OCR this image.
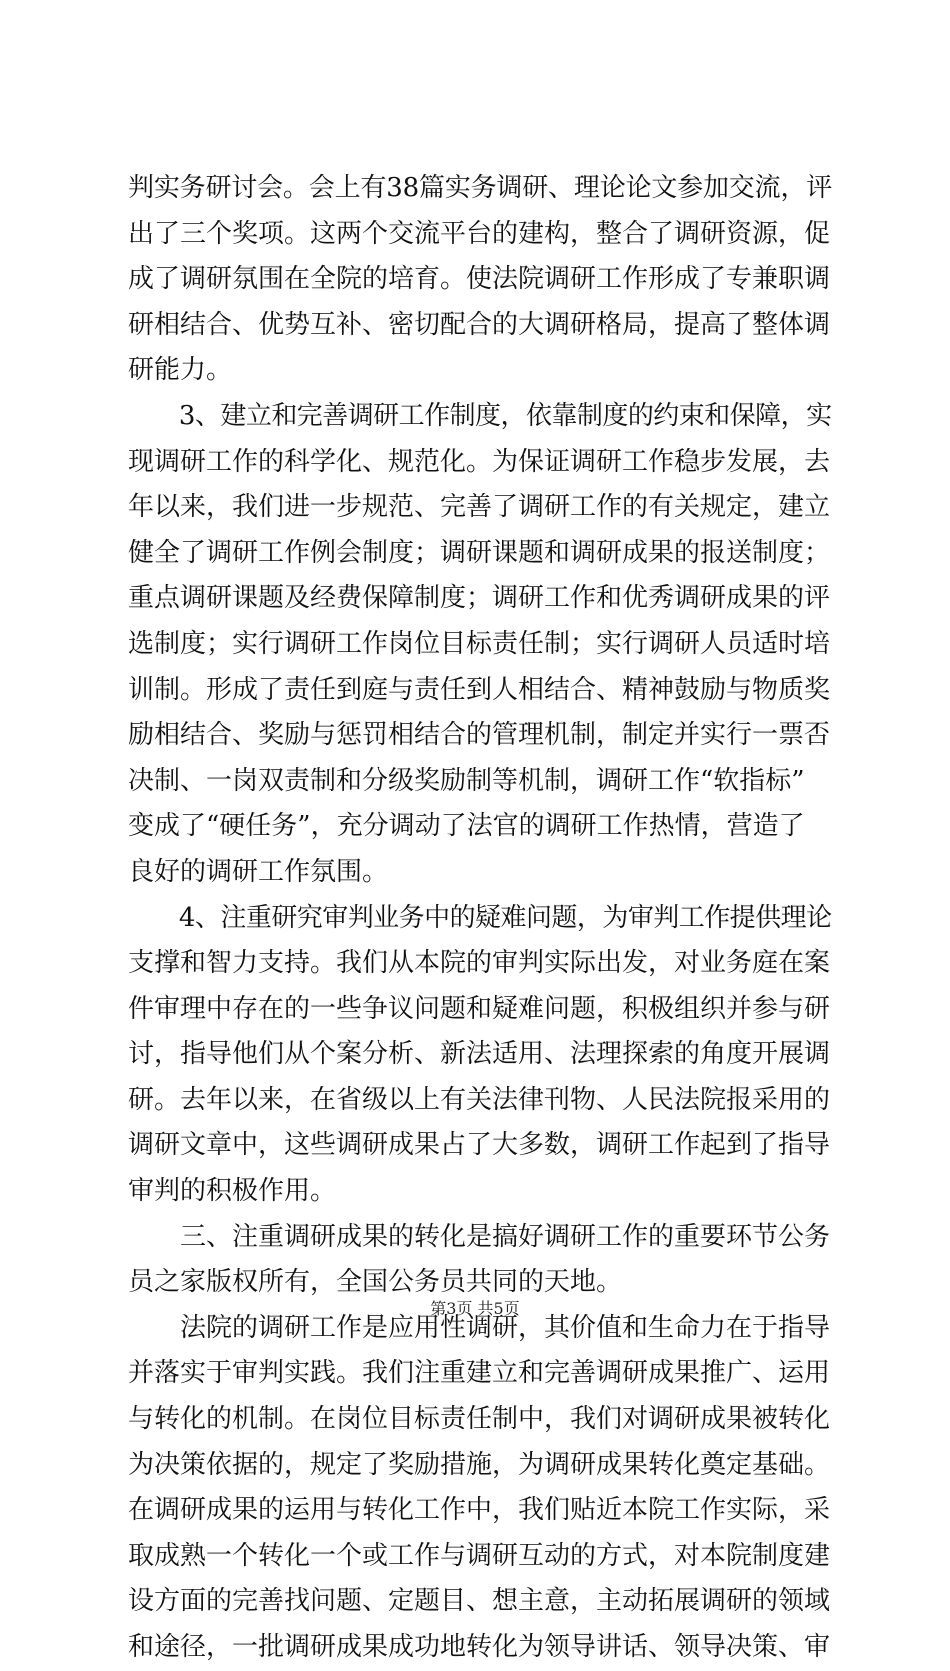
判实务研讨会。会上有38篇实务调研、理论论文参加交流，评
出了三个奖项。这两个交流平台的建构，整合了调研资源，促
成了调研氛围在全院的培育。使法院调研工作形成了专兼职调
研相结合、优势互补、密切配合的大调研格局，提高了整体调
研能力。
　　3、建立和完善调研工作制度，依靠制度的约束和保障，实
现调研工作的科学化、规范化。为保证调研工作稳步发展，去
年以来，我们进一步规范、完善了调研工作的有关规定，建立
健全了调研工作例会制度；调研课题和调研成果的报送制度；
重点调研课题及经费保障制度；调研工作和优秀调研成果的评
选制度；实行调研工作岗位目标责任制；实行调研人员适时培
训制。形成了责任到庭与责任到人相结合、精神鼓励与物质奖
励相结合、奖励与惩罚相结合的管理机制，制定并实行一票否
决制、一岗双责制和分级奖励制等机制，调研工作“软指标”
变成了“硬任务”，充分调动了法官的调研工作热情，营造了
良好的调研工作氛围。
　　4、注重研究审判业务中的疑难问题，为审判工作提供理论
支撑和智力支持。我们从本院的审判实际出发，对业务庭在案
件审理中存在的一些争议问题和疑难问题，积极组织并参与研
讨，指导他们从个案分析、新法适用、法理探索的角度开展调
研。去年以来，在省级以上有关法律刊物、人民法院报采用的
调研文章中，这些调研成果占了大多数，调研工作起到了指导
审判的积极作用。
　　三、注重调研成果的转化是搞好调研工作的重要环节公务
员之家版权所有，全国公务员共同的天地。
　　法院的调研工作是应用性调研，其价值和生命力在于指导
并落实于审判实践。我们注重建立和完善调研成果推广、运用
与转化的机制。在岗位目标责任制中，我们对调研成果被转化
为决策依据的，规定了奖励措施，为调研成果转化奠定基础。
在调研成果的运用与转化工作中，我们贴近本院工作实际，采
取成熟一个转化一个或工作与调研互动的方式，对本院制度建
设方面的完善找问题、定题目、想主意，主动拓展调研的领域
和途径，一批调研成果成功地转化为领导讲话、领导决策、审
第3页 共5页
